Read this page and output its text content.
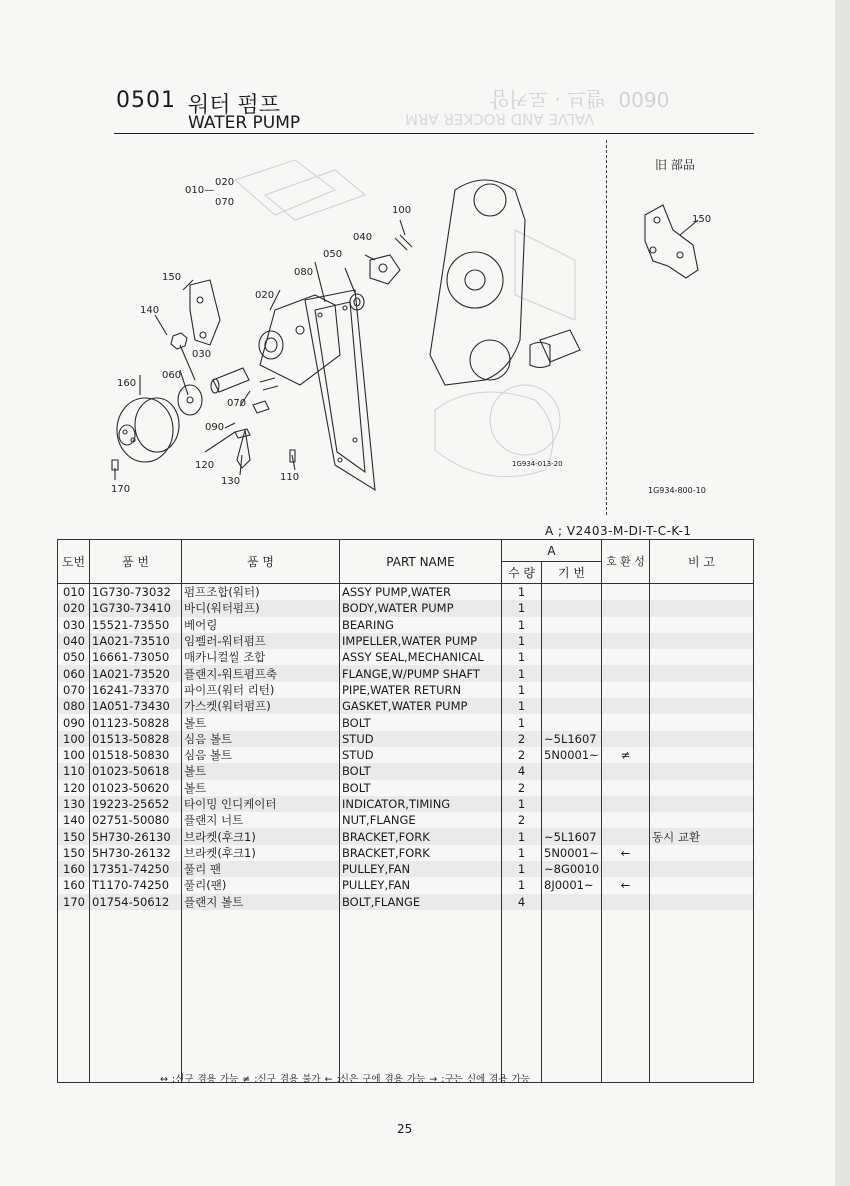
0600  밸브 · 로커암
VALVE AND ROCKER ARM
0501 워터 펌프
WATER PUMP
010—
020
070
100
040
050
080
020
150
140
030
060
160
070
090
120
130	110
170
1G934-013-20
旧 部品
150
1G934-800-10
A ; V2403-M-DI-T-C-K-1
도번	품 번	품 명	PART NAME	A		호 환 성	비 고
				수 량	기 번		
010	1G730-73032	펌프조합(워터)	ASSY PUMP,WATER	1			
020	1G730-73410	바디(워터펌프)	BODY,WATER PUMP	1			
030	15521-73550	베어링	BEARING	1			
040	1A021-73510	임펠러-워터펌프	IMPELLER,WATER PUMP	1			
050	16661-73050	매카니컬씰 조합	ASSY SEAL,MECHANICAL	1			
060	1A021-73520	플랜지-워트펌프축	FLANGE,W/PUMP SHAFT	1			
070	16241-73370	파이프(워터 리턴)	PIPE,WATER RETURN	1			
080	1A051-73430	가스켓(워터펌프)	GASKET,WATER PUMP	1			
090	01123-50828	볼트	BOLT	1			
100	01513-50828	심음 볼트	STUD	2	~5L1607		
100	01518-50830	심음 볼트	STUD	2	5N0001~	≠	
110	01023-50618	볼트	BOLT	4			
120	01023-50620	볼트	BOLT	2			
130	19223-25652	타이밍 인디케이터	INDICATOR,TIMING	1			
140	02751-50080	플랜지 너트	NUT,FLANGE	2			
150	5H730-26130	브라켓(후크1)	BRACKET,FORK	1	~5L1607		동시 교환
150	5H730-26132	브라켓(후크1)	BRACKET,FORK	1	5N0001~	←	
160	17351-74250	풀리 팬	PULLEY,FAN	1	~8G0010		
160	T1170-74250	풀리(팬)	PULLEY,FAN	1	8J0001~	←	
170	01754-50612	플랜지 볼트	BOLT,FLANGE	4			

↔ :신구 겸용 가능 ≠ :신구 겸용 불가 ← :신은 구에 겸용 가능 → :구는 신에 겸용 가능
25
